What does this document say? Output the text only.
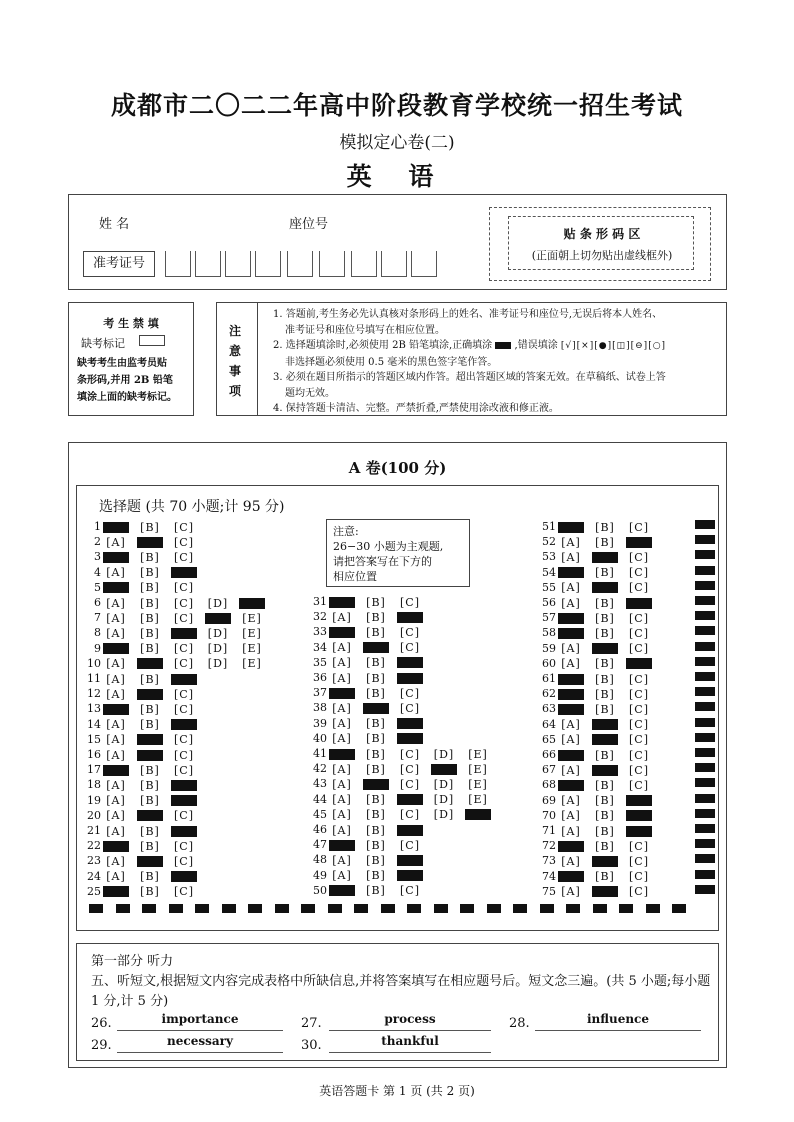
成都市二〇二二年高中阶段教育学校统一招生考试
模拟定心卷(二)
英 语
姓 名	座位号
准考证号
贴 条 形 码 区
(正面朝上切勿贴出虚线框外)
考 生 禁 填
缺考标记
缺考考生由监考员贴
条形码,并用 2B 铅笔
填涂上面的缺考标记。
注
意
事
项
1. 答题前,考生务必先认真核对条形码上的姓名、准考证号和座位号,无误后将本人姓名、
准考证号和座位号填写在相应位置。
2. 选择题填涂时,必须使用 2B 铅笔填涂,正确填涂 ,错误填涂 [√][×][●][◫][⊖][○]
非选择题必须使用 0.5 毫米的黑色签字笔作答。
3. 必须在题目所指示的答题区域内作答。超出答题区域的答案无效。在草稿纸、试卷上答
题均无效。
4. 保持答题卡清洁、完整。严禁折叠,严禁使用涂改液和修正液。
A 卷(100 分)
选择题 (共 70 小题;计 95 分)
1	[B] [C]
2 [A]	[C]
3	[B] [C]
4 [A] [B]
5	[B] [C]
6 [A] [B] [C] [D]
7 [A] [B] [C]	[E]
8 [A] [B]	[D] [E]
9	[B] [C] [D] [E]
10 [A]	[C] [D] [E]
11 [A] [B]
12 [A]	[C]
13	[B] [C]
14 [A] [B]
15 [A]	[C]
16 [A]	[C]
17	[B] [C]
18 [A] [B]
19 [A] [B]
20 [A]	[C]
21 [A] [B]
22	[B] [C]
23 [A]	[C]
24 [A] [B]
25	[B] [C]
31	[B] [C]
32 [A] [B]
33	[B] [C]
34 [A]	[C]
35 [A] [B]
36 [A] [B]
37	[B] [C]
38 [A]	[C]
39 [A] [B]
40 [A] [B]
41	[B] [C] [D] [E]
42 [A] [B] [C]	[E]
43 [A]	[C] [D] [E]
44 [A] [B]	[D] [E]
45 [A] [B] [C] [D]
46 [A] [B]
47	[B] [C]
48 [A] [B]
49 [A] [B]
50	[B] [C]
51	[B] [C]
52 [A] [B]
53 [A]	[C]
54	[B] [C]
55 [A]	[C]
56 [A] [B]
57	[B] [C]
58	[B] [C]
59 [A]	[C]
60 [A] [B]
61	[B] [C]
62	[B] [C]
63	[B] [C]
64 [A]	[C]
65 [A]	[C]
66	[B] [C]
67 [A]	[C]
68	[B] [C]
69 [A] [B]
70 [A] [B]
71 [A] [B]
72	[B] [C]
73 [A]	[C]
74	[B] [C]
75 [A]	[C]
注意:
26−30 小题为主观题,
请把答案写在下方的
相应位置
第一部分 听力
五、听短文,根据短文内容完成表格中所缺信息,并将答案填写在相应题号后。短文念三遍。(共 5 小题;每小题 1 分,计 5 分)
26.	importance	27.	process	28.	influence
29.	necessary	30.	thankful
英语答题卡 第 1 页 (共 2 页)
